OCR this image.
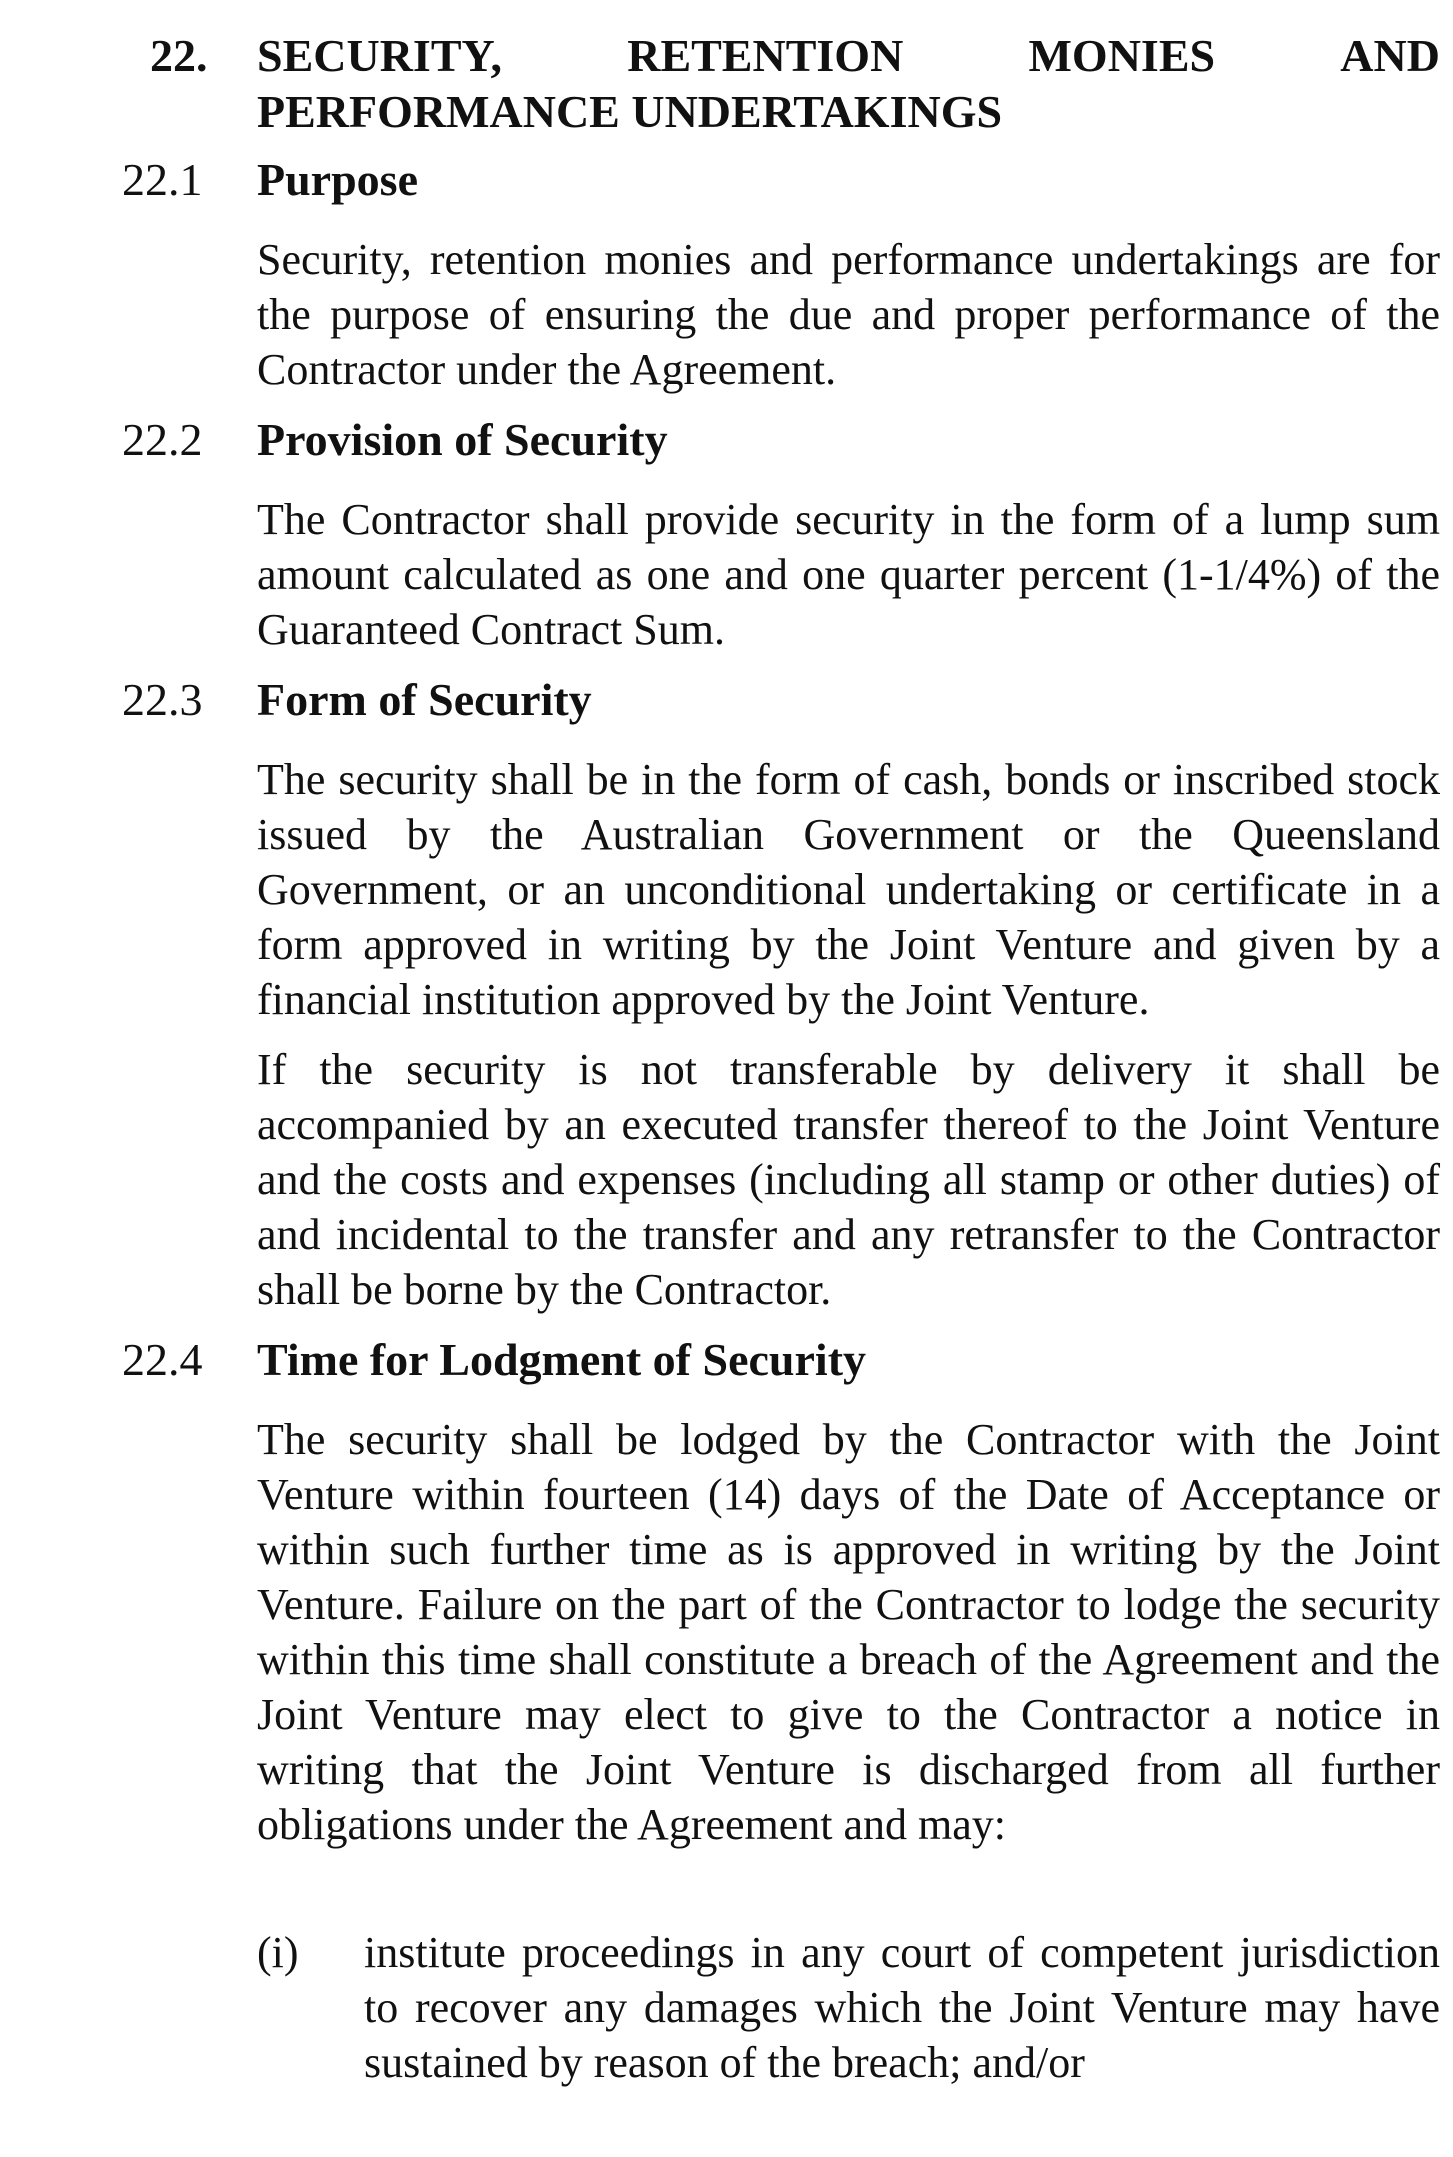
22. SECURITY,	RETENTION	MONIES	AND
PERFORMANCE UNDERTAKINGS
22.1 Purpose

Security, retention monies and performance undertakings are for the purpose of ensuring the due and proper performance of the Contractor under the Agreement.

22.2 Provision of Security

The Contractor shall provide security in the form of a lump sum amount calculated as one and one quarter percent (1-1/4%) of the Guaranteed Contract Sum.

22.3 Form of Security

The security shall be in the form of cash, bonds or inscribed stock issued by the Australian Government or the Queensland Government, or an unconditional undertaking or certificate in a form approved in writing by the Joint Venture and given by a financial institution approved by the Joint Venture.

If the security is not transferable by delivery it shall be accompanied by an executed transfer thereof to the Joint Venture and the costs and expenses (including all stamp or other duties) of and incidental to the transfer and any retransfer to the Contractor shall be borne by the Contractor.

22.4 Time for Lodgment of Security

The security shall be lodged by the Contractor with the Joint Venture within fourteen (14) days of the Date of Acceptance or within such further time as is approved in writing by the Joint Venture. Failure on the part of the Contractor to lodge the security within this time shall constitute a breach of the Agreement and the Joint Venture may elect to give to the Contractor a notice in writing that the Joint Venture is discharged from all further obligations under the Agreement and may:

(i) institute proceedings in any court of competent jurisdiction to recover any damages which the Joint Venture may have sustained by reason of the breach; and/or
